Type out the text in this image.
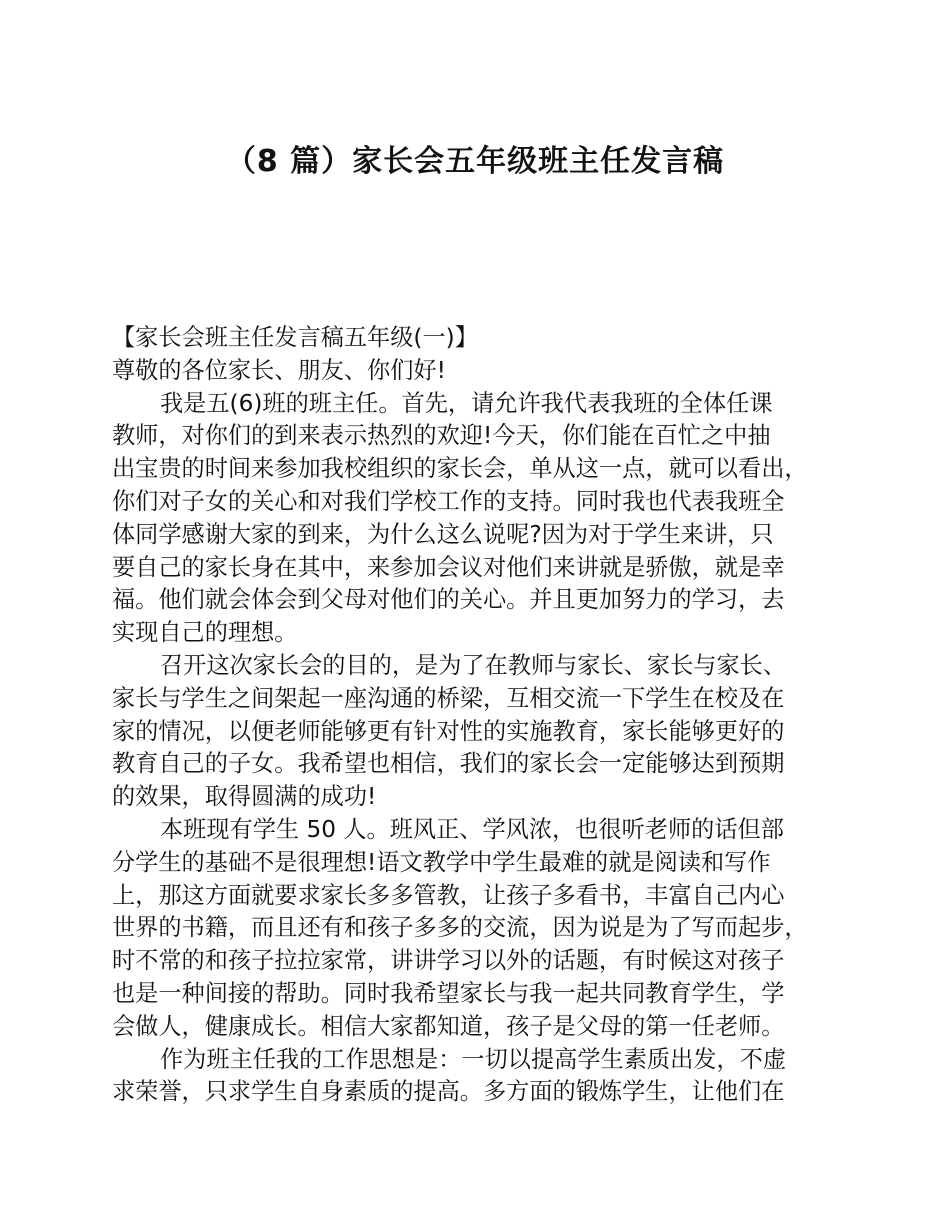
（8 篇）家长会五年级班主任发言稿
【家长会班主任发言稿五年级(一)】
尊敬的各位家长、朋友、你们好!
我是五(6)班的班主任。首先，请允许我代表我班的全体任课
教师，对你们的到来表示热烈的欢迎!今天，你们能在百忙之中抽
出宝贵的时间来参加我校组织的家长会，单从这一点，就可以看出，
你们对子女的关心和对我们学校工作的支持。同时我也代表我班全
体同学感谢大家的到来，为什么这么说呢?因为对于学生来讲，只
要自己的家长身在其中，来参加会议对他们来讲就是骄傲，就是幸
福。他们就会体会到父母对他们的关心。并且更加努力的学习，去
实现自己的理想。
召开这次家长会的目的，是为了在教师与家长、家长与家长、
家长与学生之间架起一座沟通的桥梁，互相交流一下学生在校及在
家的情况，以便老师能够更有针对性的实施教育，家长能够更好的
教育自己的子女。我希望也相信，我们的家长会一定能够达到预期
的效果，取得圆满的成功!
本班现有学生 50 人。班风正、学风浓，也很听老师的话但部
分学生的基础不是很理想!语文教学中学生最难的就是阅读和写作
上，那这方面就要求家长多多管教，让孩子多看书，丰富自己内心
世界的书籍，而且还有和孩子多多的交流，因为说是为了写而起步，
时不常的和孩子拉拉家常，讲讲学习以外的话题，有时候这对孩子
也是一种间接的帮助。同时我希望家长与我一起共同教育学生，学
会做人，健康成长。相信大家都知道，孩子是父母的第一任老师。
作为班主任我的工作思想是：一切以提高学生素质出发，不虚
求荣誉，只求学生自身素质的提高。多方面的锻炼学生，让他们在
